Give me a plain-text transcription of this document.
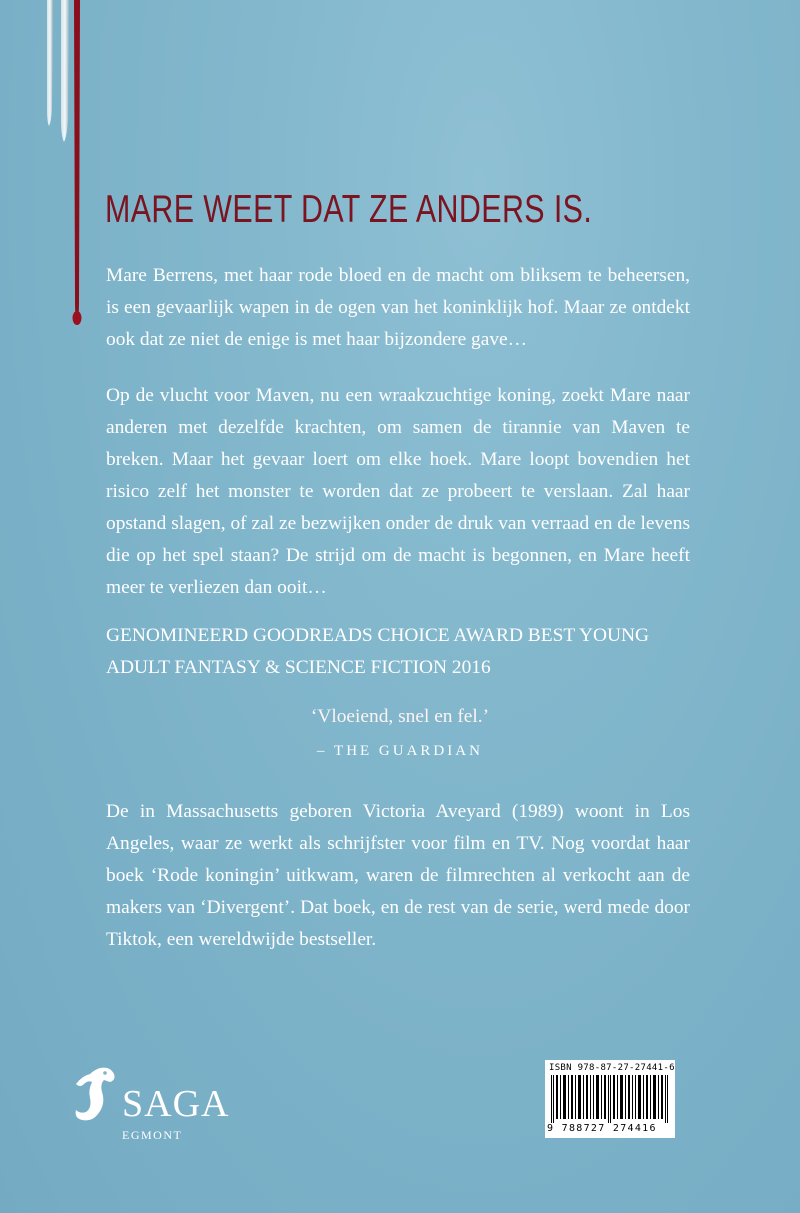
MARE WEET DAT ZE ANDERS IS.

Mare Berrens, met haar rode bloed en de macht om bliksem te beheersen, is een gevaarlijk wapen in de ogen van het koninklijk hof. Maar ze ontdekt ook dat ze niet de enige is met haar bijzondere gave…

Op de vlucht voor Maven, nu een wraakzuchtige koning, zoekt Mare naar anderen met dezelfde krachten, om samen de tirannie van Maven te breken. Maar het gevaar loert om elke hoek. Mare loopt bovendien het risico zelf het monster te worden dat ze probeert te verslaan. Zal haar opstand slagen, of zal ze bezwijken onder de druk van verraad en de levens die op het spel staan? De strijd om de macht is begonnen, en Mare heeft meer te verliezen dan ooit…

GENOMINEERD GOODREADS CHOICE AWARD BEST YOUNG ADULT FANTASY & SCIENCE FICTION 2016

‘Vloeiend, snel en fel.’
– THE GUARDIAN

De in Massachusetts geboren Victoria Aveyard (1989) woont in Los Angeles, waar ze werkt als schrijfster voor film en TV. Nog voordat haar boek ‘Rode koningin’ uitkwam, waren de filmrechten al verkocht aan de makers van ‘Divergent’. Dat boek, en de rest van de serie, werd mede door Tiktok, een wereldwijde bestseller.

SAGA
EGMONT
ISBN 978-87-27-27441-6
9 788727 274416
